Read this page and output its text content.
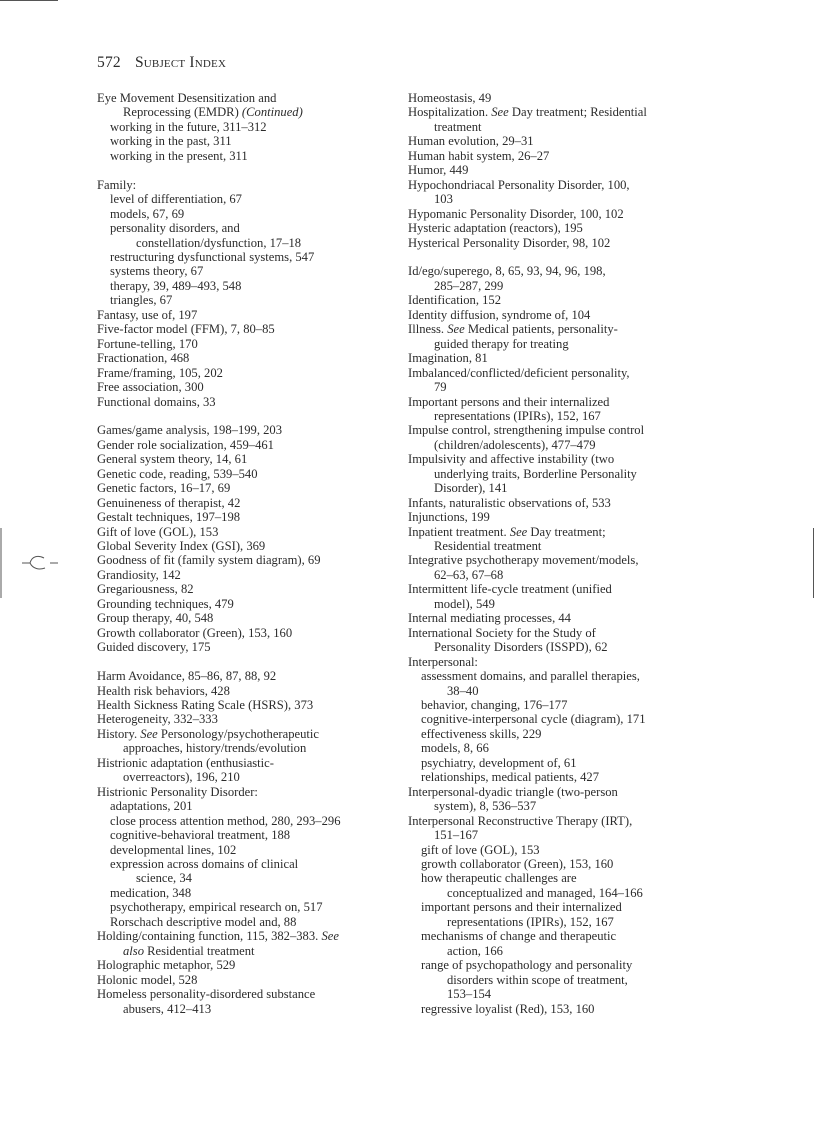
572 Subject Index
Eye Movement Desensitization and
Reprocessing (EMDR) (Continued)
working in the future, 311–312
working in the past, 311
working in the present, 311
Family:
level of differentiation, 67
models, 67, 69
personality disorders, and
constellation/dysfunction, 17–18
restructuring dysfunctional systems, 547
systems theory, 67
therapy, 39, 489–493, 548
triangles, 67
Fantasy, use of, 197
Five-factor model (FFM), 7, 80–85
Fortune-telling, 170
Fractionation, 468
Frame/framing, 105, 202
Free association, 300
Functional domains, 33
Games/game analysis, 198–199, 203
Gender role socialization, 459–461
General system theory, 14, 61
Genetic code, reading, 539–540
Genetic factors, 16–17, 69
Genuineness of therapist, 42
Gestalt techniques, 197–198
Gift of love (GOL), 153
Global Severity Index (GSI), 369
Goodness of fit (family system diagram), 69
Grandiosity, 142
Gregariousness, 82
Grounding techniques, 479
Group therapy, 40, 548
Growth collaborator (Green), 153, 160
Guided discovery, 175
Harm Avoidance, 85–86, 87, 88, 92
Health risk behaviors, 428
Health Sickness Rating Scale (HSRS), 373
Heterogeneity, 332–333
History. See Personology/psychotherapeutic
approaches, history/trends/evolution
Histrionic adaptation (enthusiastic-
overreactors), 196, 210
Histrionic Personality Disorder:
adaptations, 201
close process attention method, 280, 293–296
cognitive-behavioral treatment, 188
developmental lines, 102
expression across domains of clinical
science, 34
medication, 348
psychotherapy, empirical research on, 517
Rorschach descriptive model and, 88
Holding/containing function, 115, 382–383. See
also Residential treatment
Holographic metaphor, 529
Holonic model, 528
Homeless personality-disordered substance
abusers, 412–413
Homeostasis, 49
Hospitalization. See Day treatment; Residential
treatment
Human evolution, 29–31
Human habit system, 26–27
Humor, 449
Hypochondriacal Personality Disorder, 100,
103
Hypomanic Personality Disorder, 100, 102
Hysteric adaptation (reactors), 195
Hysterical Personality Disorder, 98, 102
Id/ego/superego, 8, 65, 93, 94, 96, 198,
285–287, 299
Identification, 152
Identity diffusion, syndrome of, 104
Illness. See Medical patients, personality-
guided therapy for treating
Imagination, 81
Imbalanced/conflicted/deficient personality,
79
Important persons and their internalized
representations (IPIRs), 152, 167
Impulse control, strengthening impulse control
(children/adolescents), 477–479
Impulsivity and affective instability (two
underlying traits, Borderline Personality
Disorder), 141
Infants, naturalistic observations of, 533
Injunctions, 199
Inpatient treatment. See Day treatment;
Residential treatment
Integrative psychotherapy movement/models,
62–63, 67–68
Intermittent life-cycle treatment (unified
model), 549
Internal mediating processes, 44
International Society for the Study of
Personality Disorders (ISSPD), 62
Interpersonal:
assessment domains, and parallel therapies,
38–40
behavior, changing, 176–177
cognitive-interpersonal cycle (diagram), 171
effectiveness skills, 229
models, 8, 66
psychiatry, development of, 61
relationships, medical patients, 427
Interpersonal-dyadic triangle (two-person
system), 8, 536–537
Interpersonal Reconstructive Therapy (IRT),
151–167
gift of love (GOL), 153
growth collaborator (Green), 153, 160
how therapeutic challenges are
conceptualized and managed, 164–166
important persons and their internalized
representations (IPIRs), 152, 167
mechanisms of change and therapeutic
action, 166
range of psychopathology and personality
disorders within scope of treatment,
153–154
regressive loyalist (Red), 153, 160
